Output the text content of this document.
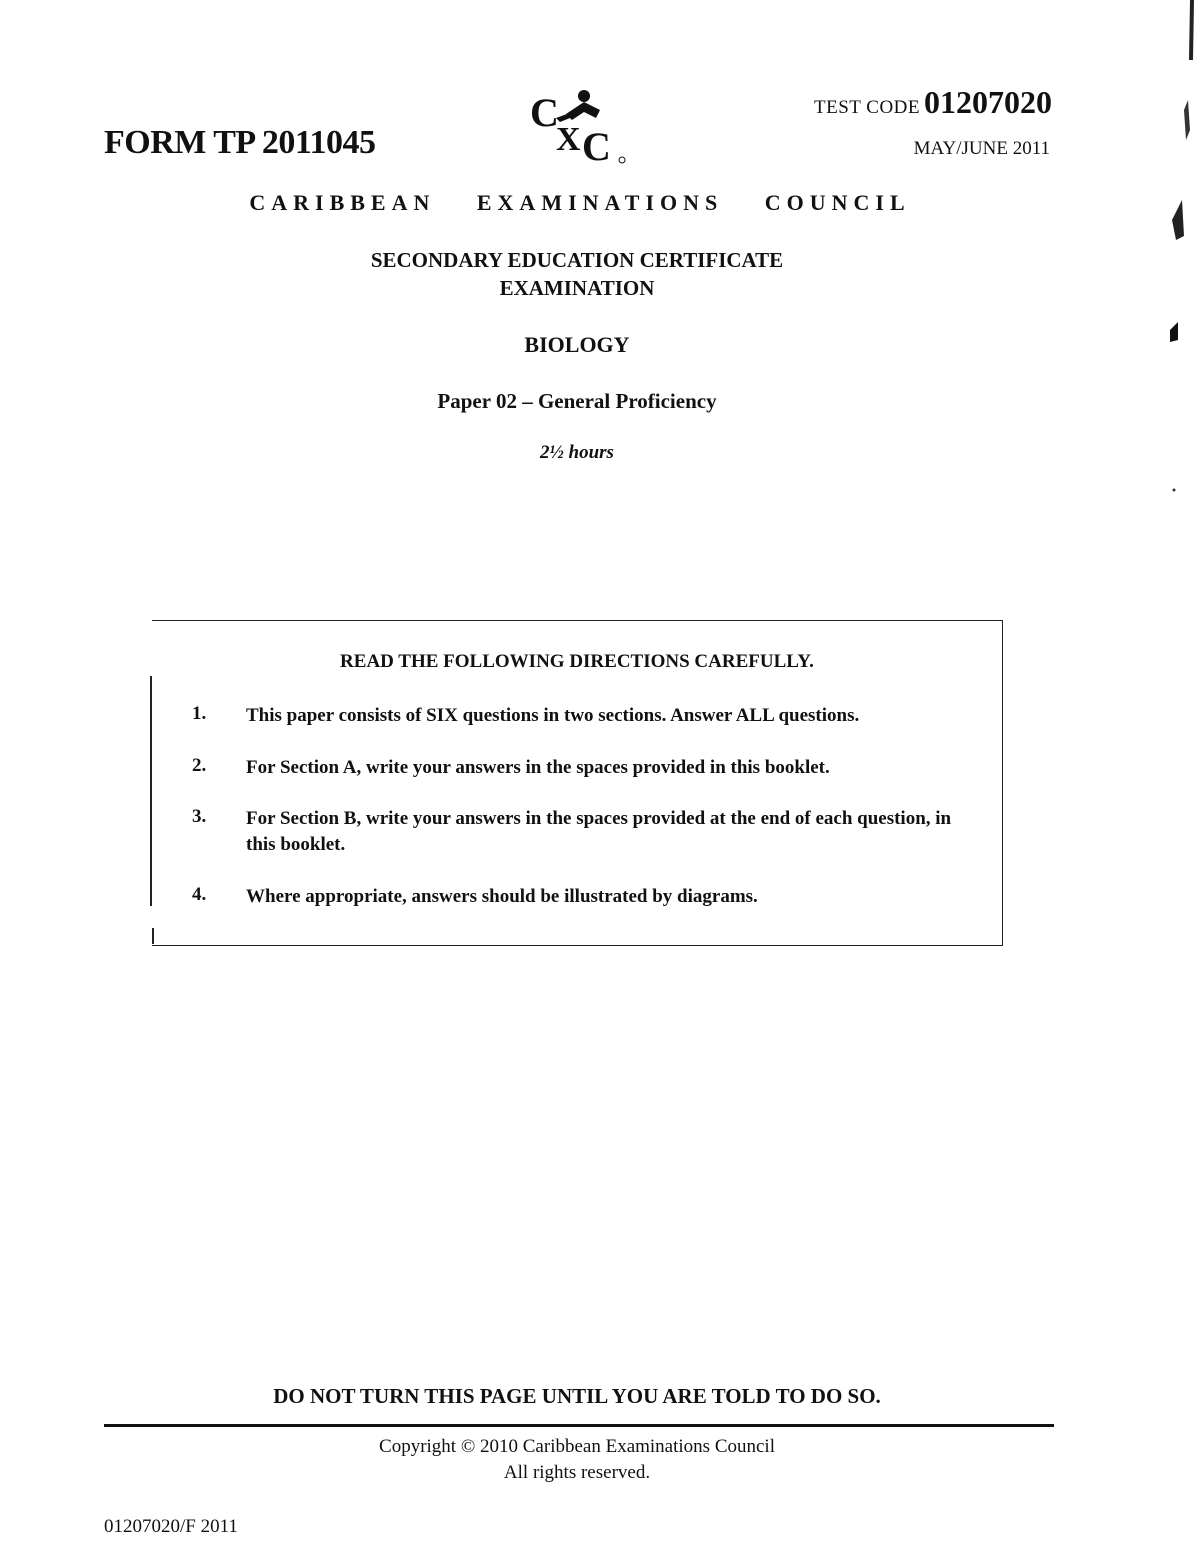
FORM TP 2011045
C
X C
TEST CODE 01207020
MAY/JUNE 2011
CARIBBEAN EXAMINATIONS COUNCIL
SECONDARY EDUCATION CERTIFICATE
EXAMINATION
BIOLOGY
Paper 02 – General Proficiency
2½ hours
READ THE FOLLOWING DIRECTIONS CAREFULLY.
1. This paper consists of SIX questions in two sections. Answer ALL questions.
2. For Section A, write your answers in the spaces provided in this booklet.
3. For Section B, write your answers in the spaces provided at the end of each question, in this booklet.
4. Where appropriate, answers should be illustrated by diagrams.
DO NOT TURN THIS PAGE UNTIL YOU ARE TOLD TO DO SO.
Copyright © 2010 Caribbean Examinations Council
All rights reserved.
01207020/F 2011
